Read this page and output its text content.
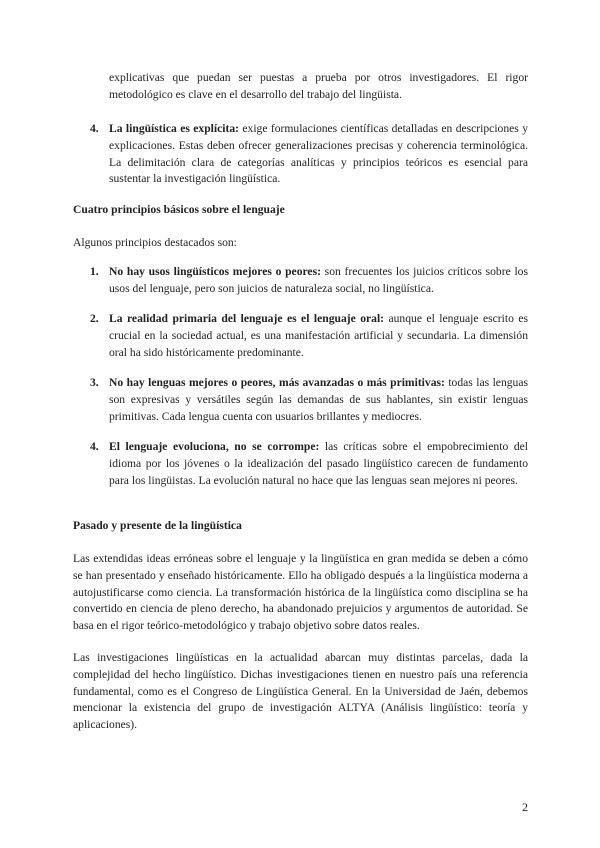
explicativas que puedan ser puestas a prueba por otros investigadores. El rigor metodológico es clave en el desarrollo del trabajo del lingüista.

4. La lingüística es explícita: exige formulaciones científicas detalladas en descripciones y explicaciones. Estas deben ofrecer generalizaciones precisas y coherencia terminológica. La delimitación clara de categorías analíticas y principios teóricos es esencial para sustentar la investigación lingüística.

Cuatro principios básicos sobre el lenguaje
Algunos principios destacados son:
1. No hay usos lingüísticos mejores o peores: son frecuentes los juicios críticos sobre los usos del lenguaje, pero son juicios de naturaleza social, no lingüística.

2. La realidad primaria del lenguaje es el lenguaje oral: aunque el lenguaje escrito es crucial en la sociedad actual, es una manifestación artificial y secundaria. La dimensión oral ha sido históricamente predominante.

3. No hay lenguas mejores o peores, más avanzadas o más primitivas: todas las lenguas son expresivas y versátiles según las demandas de sus hablantes, sin existir lenguas primitivas. Cada lengua cuenta con usuarios brillantes y mediocres.

4. El lenguaje evoluciona, no se corrompe: las críticas sobre el empobrecimiento del idioma por los jóvenes o la idealización del pasado lingüístico carecen de fundamento para los lingüistas. La evolución natural no hace que las lenguas sean mejores ni peores.

Pasado y presente de la lingüística
Las extendidas ideas erróneas sobre el lenguaje y la lingüística en gran medida se deben a cómo se han presentado y enseñado históricamente. Ello ha obligado después a la lingüística moderna a autojustificarse como ciencia. La transformación histórica de la lingüística como disciplina se ha convertido en ciencia de pleno derecho, ha abandonado prejuicios y argumentos de autoridad. Se basa en el rigor teórico-metodológico y trabajo objetivo sobre datos reales.
Las investigaciones lingüísticas en la actualidad abarcan muy distintas parcelas, dada la complejidad del hecho lingüístico. Dichas investigaciones tienen en nuestro país una referencia fundamental, como es el Congreso de Lingüística General. En la Universidad de Jaén, debemos mencionar la existencia del grupo de investigación ALTYA (Análisis lingüístico: teoría y aplicaciones).
2
